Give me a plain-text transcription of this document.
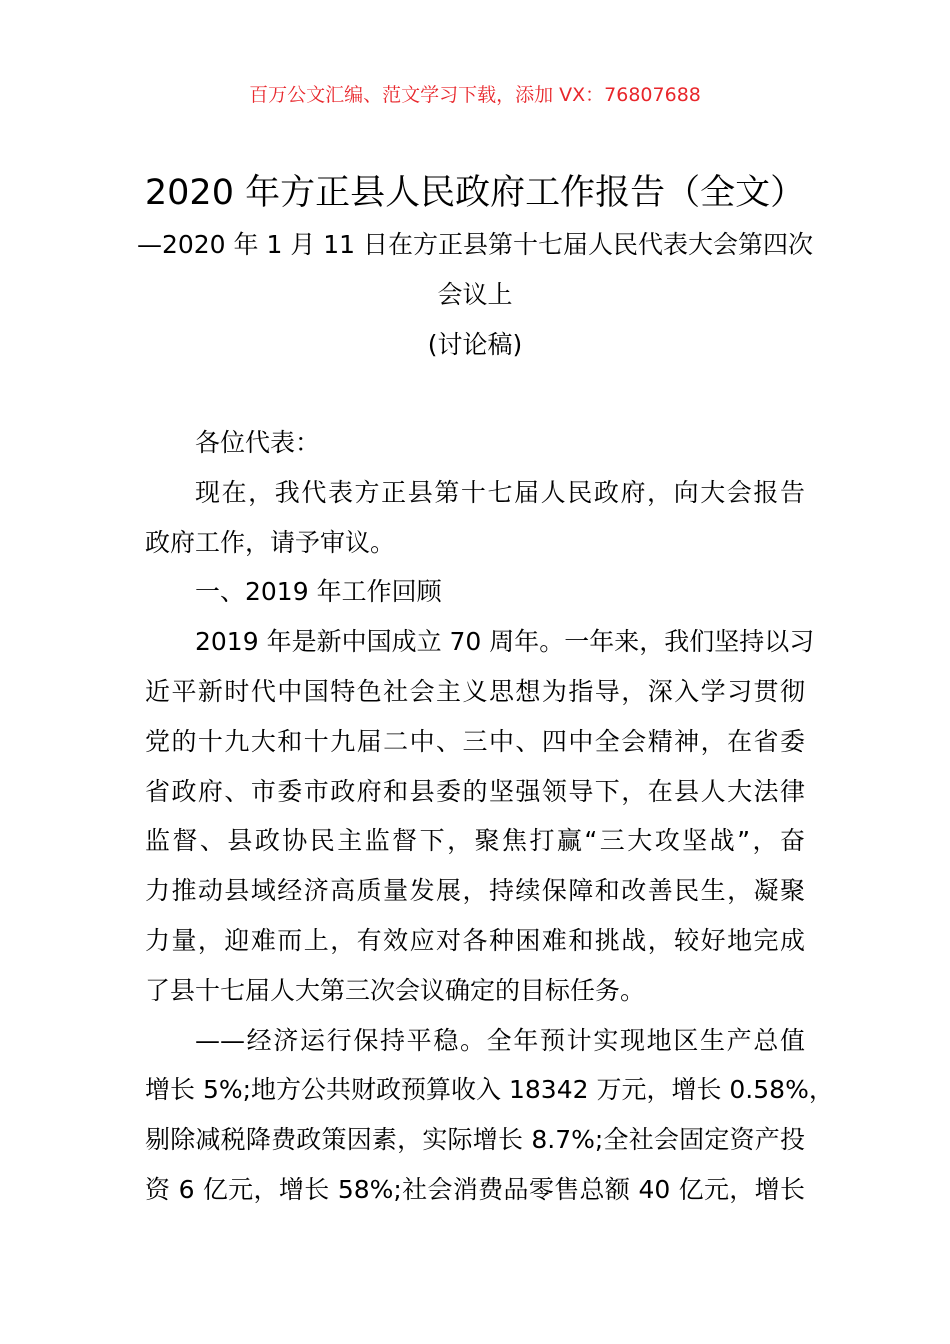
百万公文汇编、范文学习下载，添加 VX：76807688
2020 年方正县人民政府工作报告（全文）
—2020 年 1 月 11 日在方正县第十七届人民代表大会第四次
会议上
(讨论稿)
各位代表：
现在，我代表方正县第十七届人民政府，向大会报告
政府工作，请予审议。
一、2019 年工作回顾
2019 年是新中国成立 70 周年。一年来，我们坚持以习
近平新时代中国特色社会主义思想为指导，深入学习贯彻
党的十九大和十九届二中、三中、四中全会精神，在省委
省政府、市委市政府和县委的坚强领导下，在县人大法律
监督、县政协民主监督下，聚焦打赢“三大攻坚战”，奋
力推动县域经济高质量发展，持续保障和改善民生，凝聚
力量，迎难而上，有效应对各种困难和挑战，较好地完成
了县十七届人大第三次会议确定的目标任务。
——经济运行保持平稳。全年预计实现地区生产总值
增长 5%;地方公共财政预算收入 18342 万元，增长 0.58%，
剔除减税降费政策因素，实际增长 8.7%;全社会固定资产投
资 6 亿元，增长 58%;社会消费品零售总额 40 亿元，增长
